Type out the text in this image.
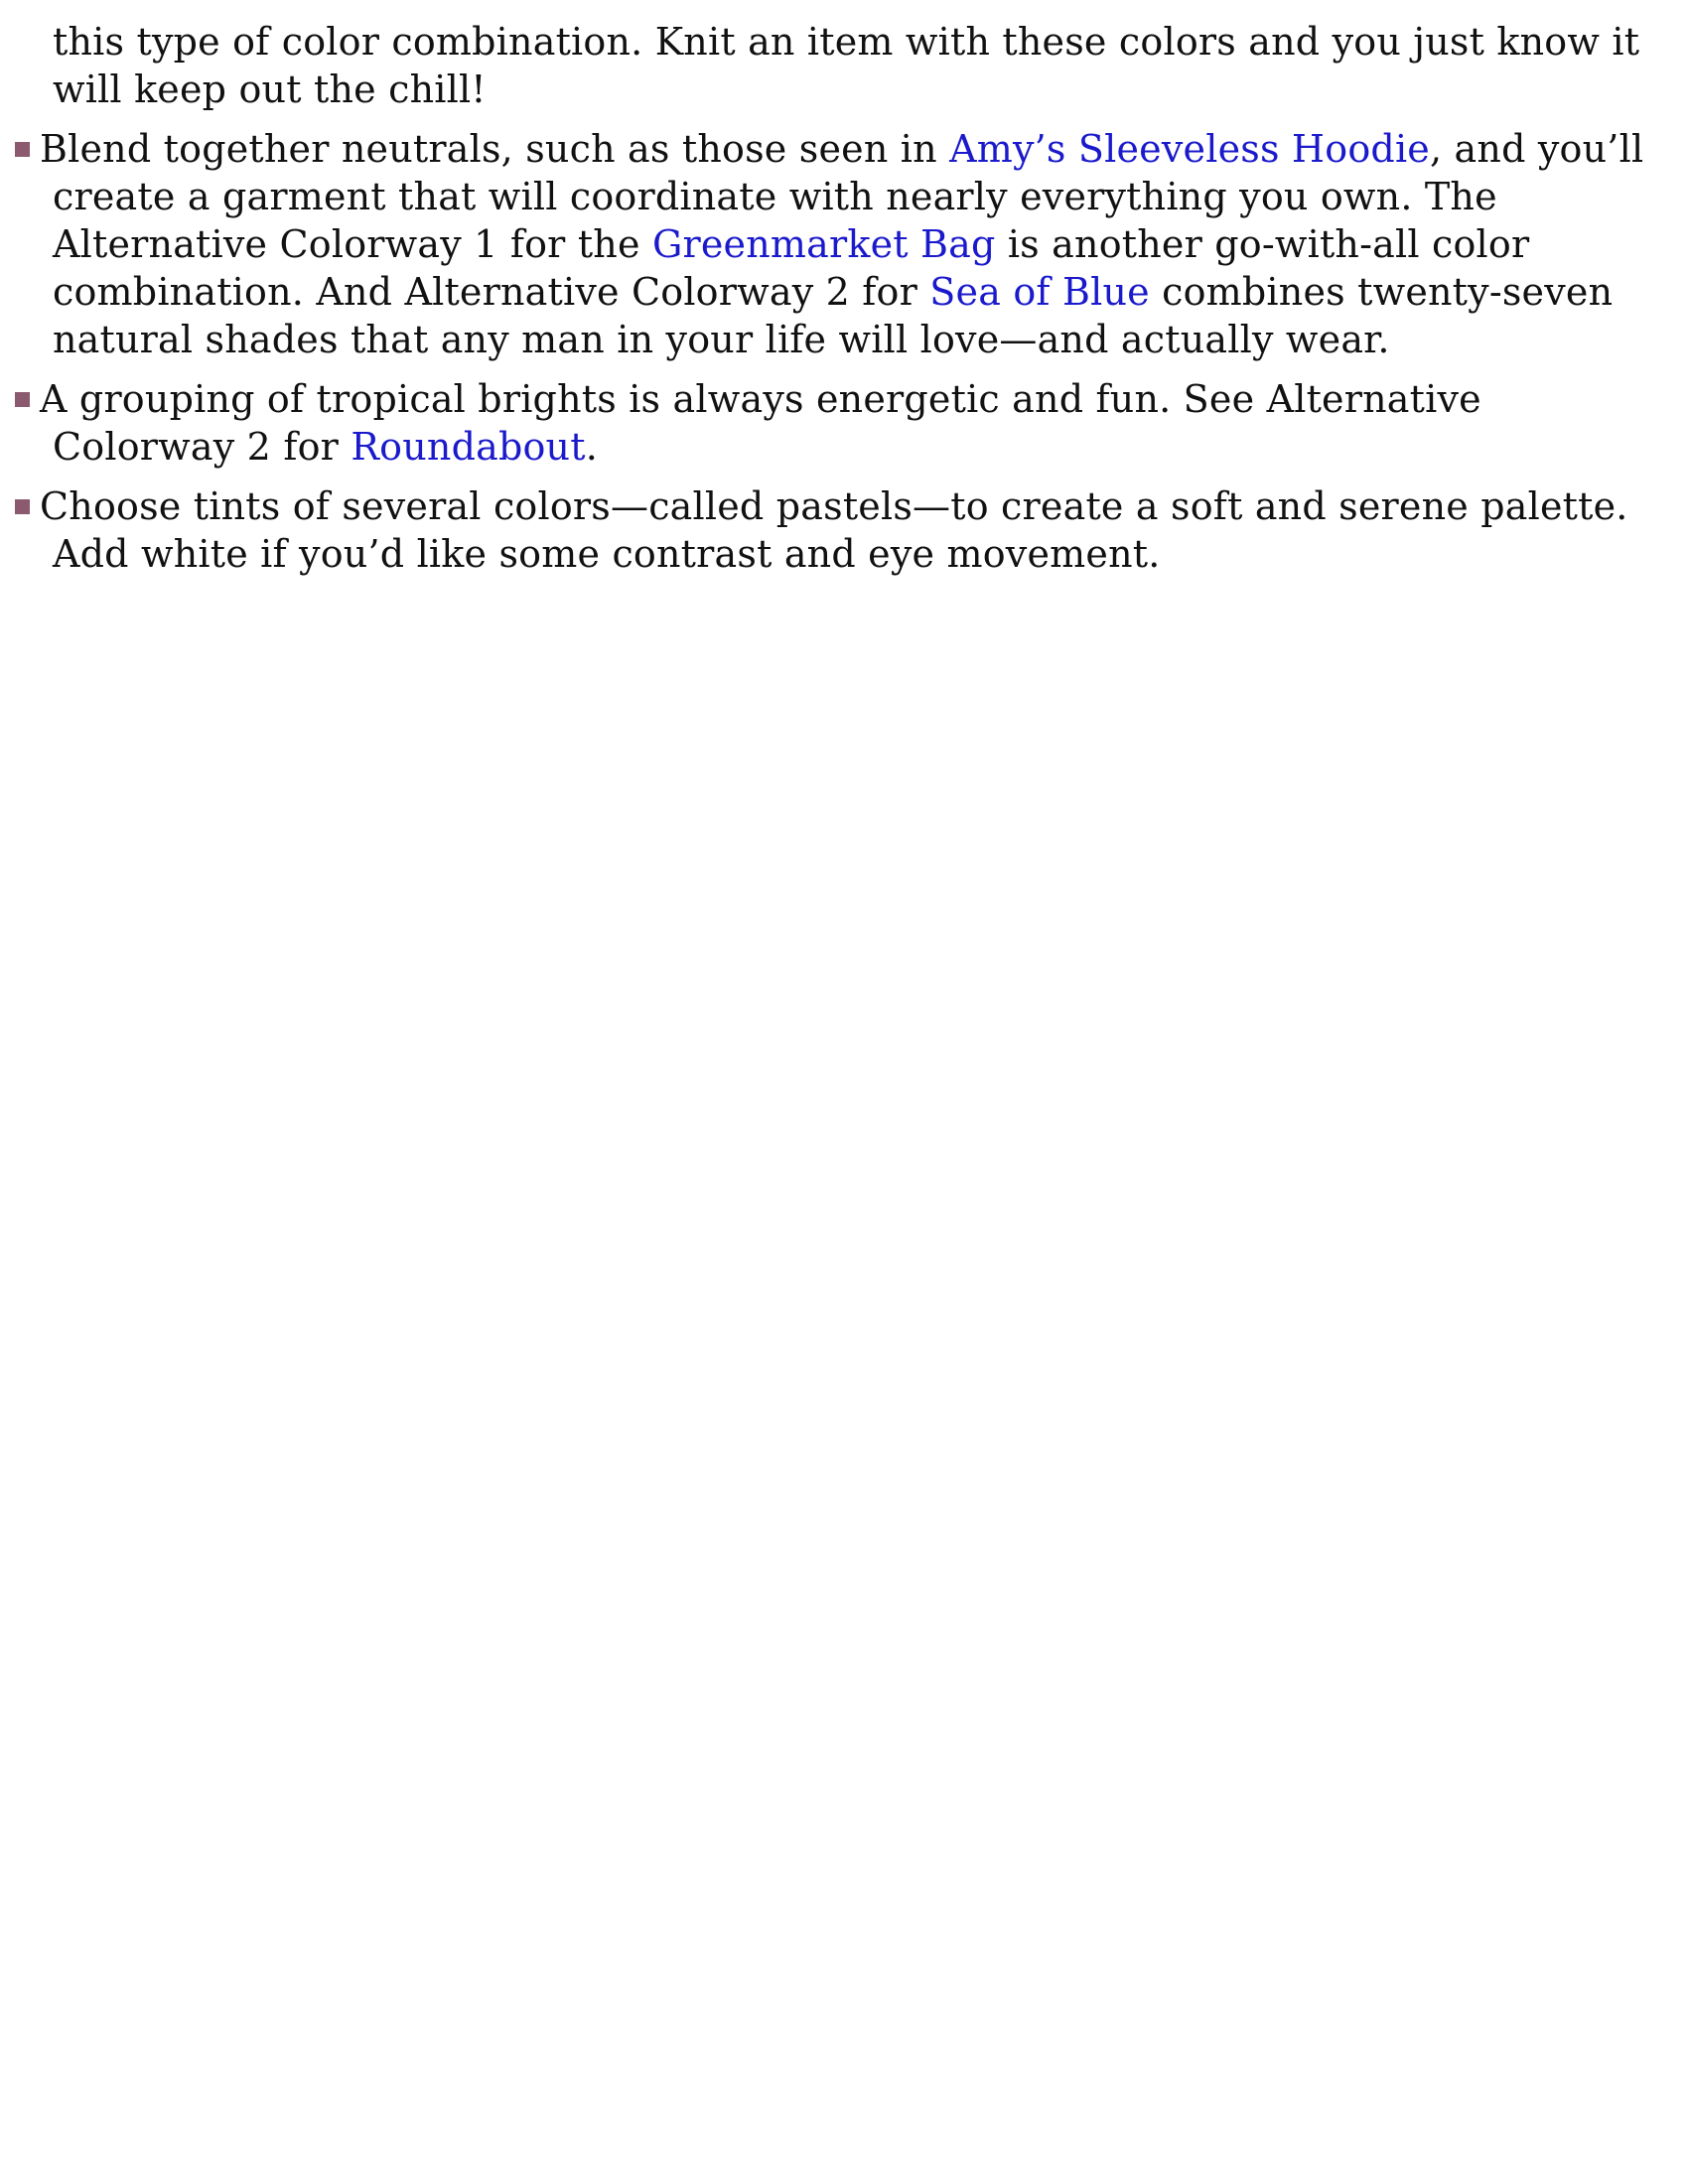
this type of color combination. Knit an item with these colors and you just know it will keep out the chill!

Blend together neutrals, such as those seen in Amy’s Sleeveless Hoodie, and you’ll create a garment that will coordinate with nearly everything you own. The Alternative Colorway 1 for the Greenmarket Bag is another go-with-all color combination. And Alternative Colorway 2 for Sea of Blue combines twenty-seven natural shades that any man in your life will love—and actually wear.
A grouping of tropical brights is always energetic and fun. See Alternative Colorway 2 for Roundabout.
Choose tints of several colors—called pastels—to create a soft and serene palette. Add white if you’d like some contrast and eye movement.
